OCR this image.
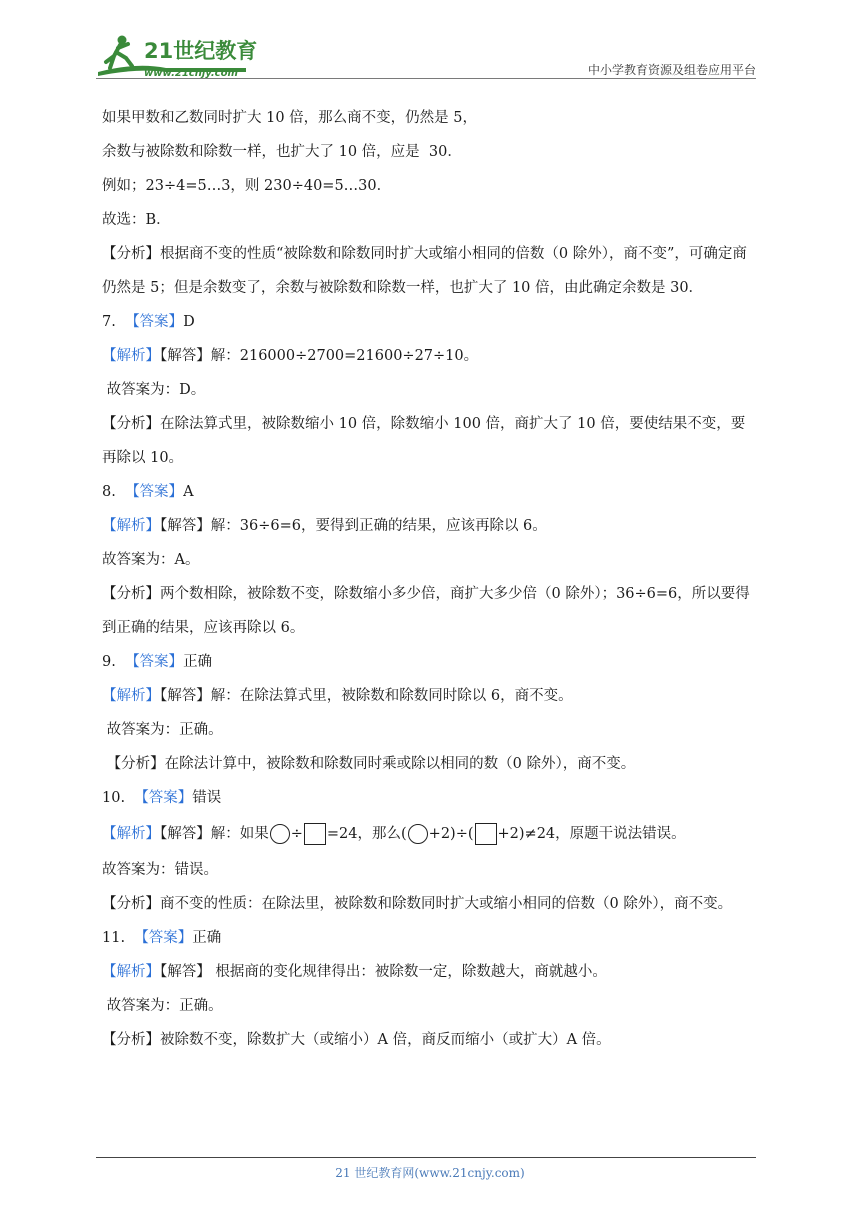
21世纪教育
www.21cnjy.com	中小学教育资源及组卷应用平台
如果甲数和乙数同时扩大 10 倍，那么商不变，仍然是 5，
余数与被除数和除数一样，也扩大了 10 倍，应是  30．
例如；23÷4=5…3，则 230÷40=5…30．
故选：B．
【分析】根据商不变的性质“被除数和除数同时扩大或缩小相同的倍数（0 除外），商不变”，可确定商仍然是 5；但是余数变了，余数与被除数和除数一样，也扩大了 10 倍，由此确定余数是 30．
7.  【答案】D
【解析】【解答】解：216000÷2700=21600÷27÷10。
故答案为：D。
【分析】在除法算式里，被除数缩小 10 倍，除数缩小 100 倍，商扩大了 10 倍，要使结果不变，要再除以 10。
8.  【答案】A
【解析】【解答】解：36÷6=6，要得到正确的结果，应该再除以 6。
故答案为：A。
【分析】两个数相除，被除数不变，除数缩小多少倍，商扩大多少倍（0 除外）；36÷6=6，所以要得到正确的结果，应该再除以 6。
9.  【答案】正确
【解析】【解答】解：在除法算式里，被除数和除数同时除以 6，商不变。
故答案为：正确。
【分析】在除法计算中，被除数和除数同时乘或除以相同的数（0 除外），商不变。
10.  【答案】错误
【解析】【解答】解：如果 ÷ =24，那么( +2)÷( +2)≠24，原题干说法错误。
故答案为：错误。
【分析】商不变的性质：在除法里，被除数和除数同时扩大或缩小相同的倍数（0 除外），商不变。
11.  【答案】正确
【解析】【解答】 根据商的变化规律得出：被除数一定，除数越大，商就越小。
故答案为：正确。
【分析】被除数不变，除数扩大（或缩小）A 倍，商反而缩小（或扩大）A 倍。
21 世纪教育网(www.21cnjy.com)
